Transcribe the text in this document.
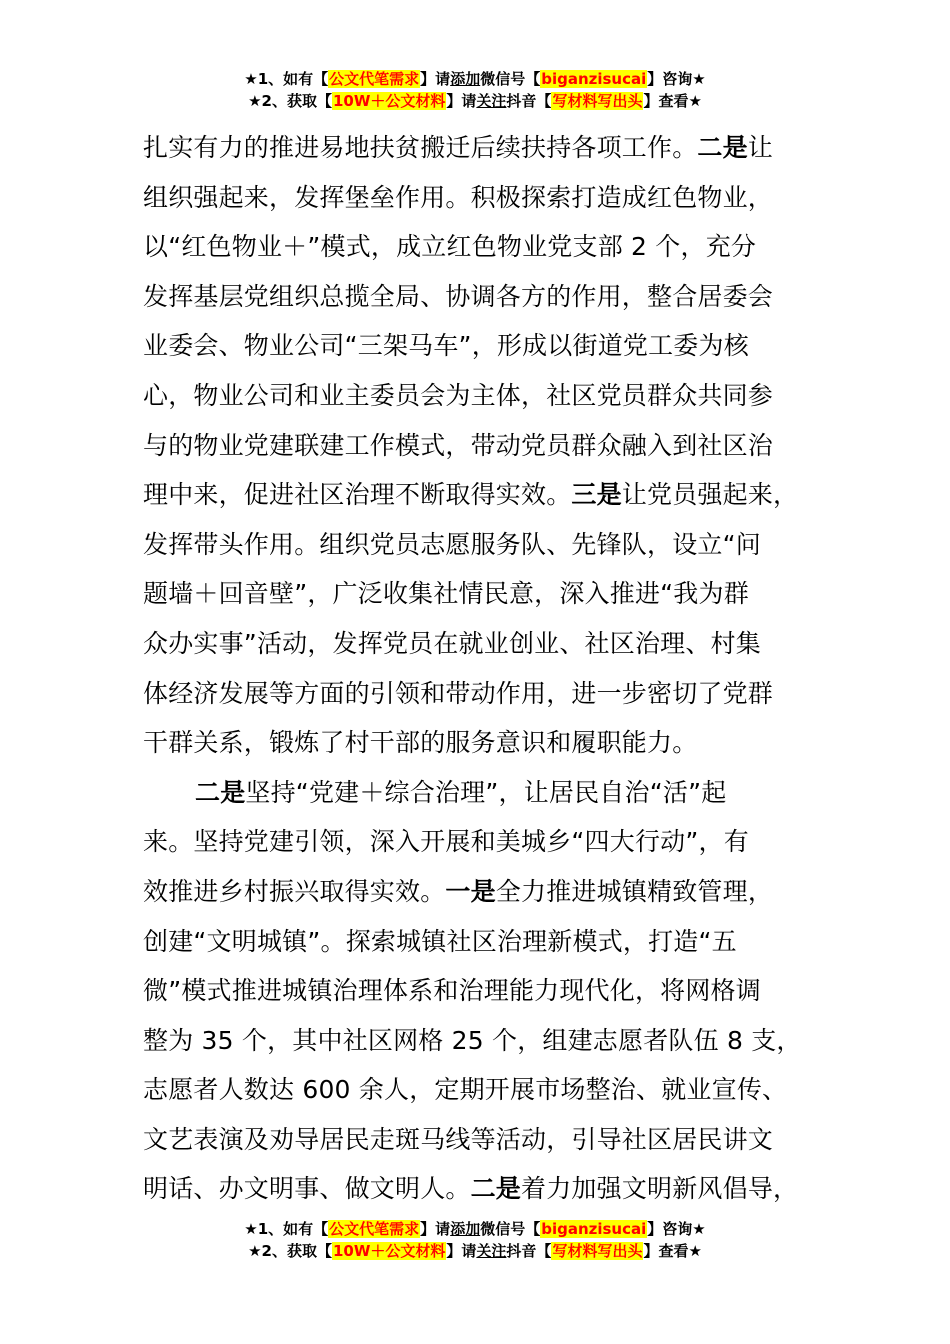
★1、如有【公文代笔需求】请添加微信号【biganzisucai】咨询★
★2、获取【10W＋公文材料】请关注抖音【写材料写出头】查看★
扎实有力的推进易地扶贫搬迁后续扶持各项工作。二是让
组织强起来，发挥堡垒作用。积极探索打造成红色物业，
以“红色物业＋”模式，成立红色物业党支部 2 个，充分
发挥基层党组织总揽全局、协调各方的作用，整合居委会
业委会、物业公司“三架马车”，形成以街道党工委为核
心，物业公司和业主委员会为主体，社区党员群众共同参
与的物业党建联建工作模式，带动党员群众融入到社区治
理中来，促进社区治理不断取得实效。三是让党员强起来，
发挥带头作用。组织党员志愿服务队、先锋队，设立“问
题墙＋回音壁”，广泛收集社情民意，深入推进“我为群
众办实事”活动，发挥党员在就业创业、社区治理、村集
体经济发展等方面的引领和带动作用，进一步密切了党群
干群关系，锻炼了村干部的服务意识和履职能力。
二是坚持“党建＋综合治理”，让居民自治“活”起
来。坚持党建引领，深入开展和美城乡“四大行动”，有
效推进乡村振兴取得实效。一是全力推进城镇精致管理，
创建“文明城镇”。探索城镇社区治理新模式，打造“五
微”模式推进城镇治理体系和治理能力现代化，将网格调
整为 35 个，其中社区网格 25 个，组建志愿者队伍 8 支，
志愿者人数达 600 余人，定期开展市场整治、就业宣传、
文艺表演及劝导居民走斑马线等活动，引导社区居民讲文
明话、办文明事、做文明人。二是着力加强文明新风倡导，
★1、如有【公文代笔需求】请添加微信号【biganzisucai】咨询★
★2、获取【10W＋公文材料】请关注抖音【写材料写出头】查看★
